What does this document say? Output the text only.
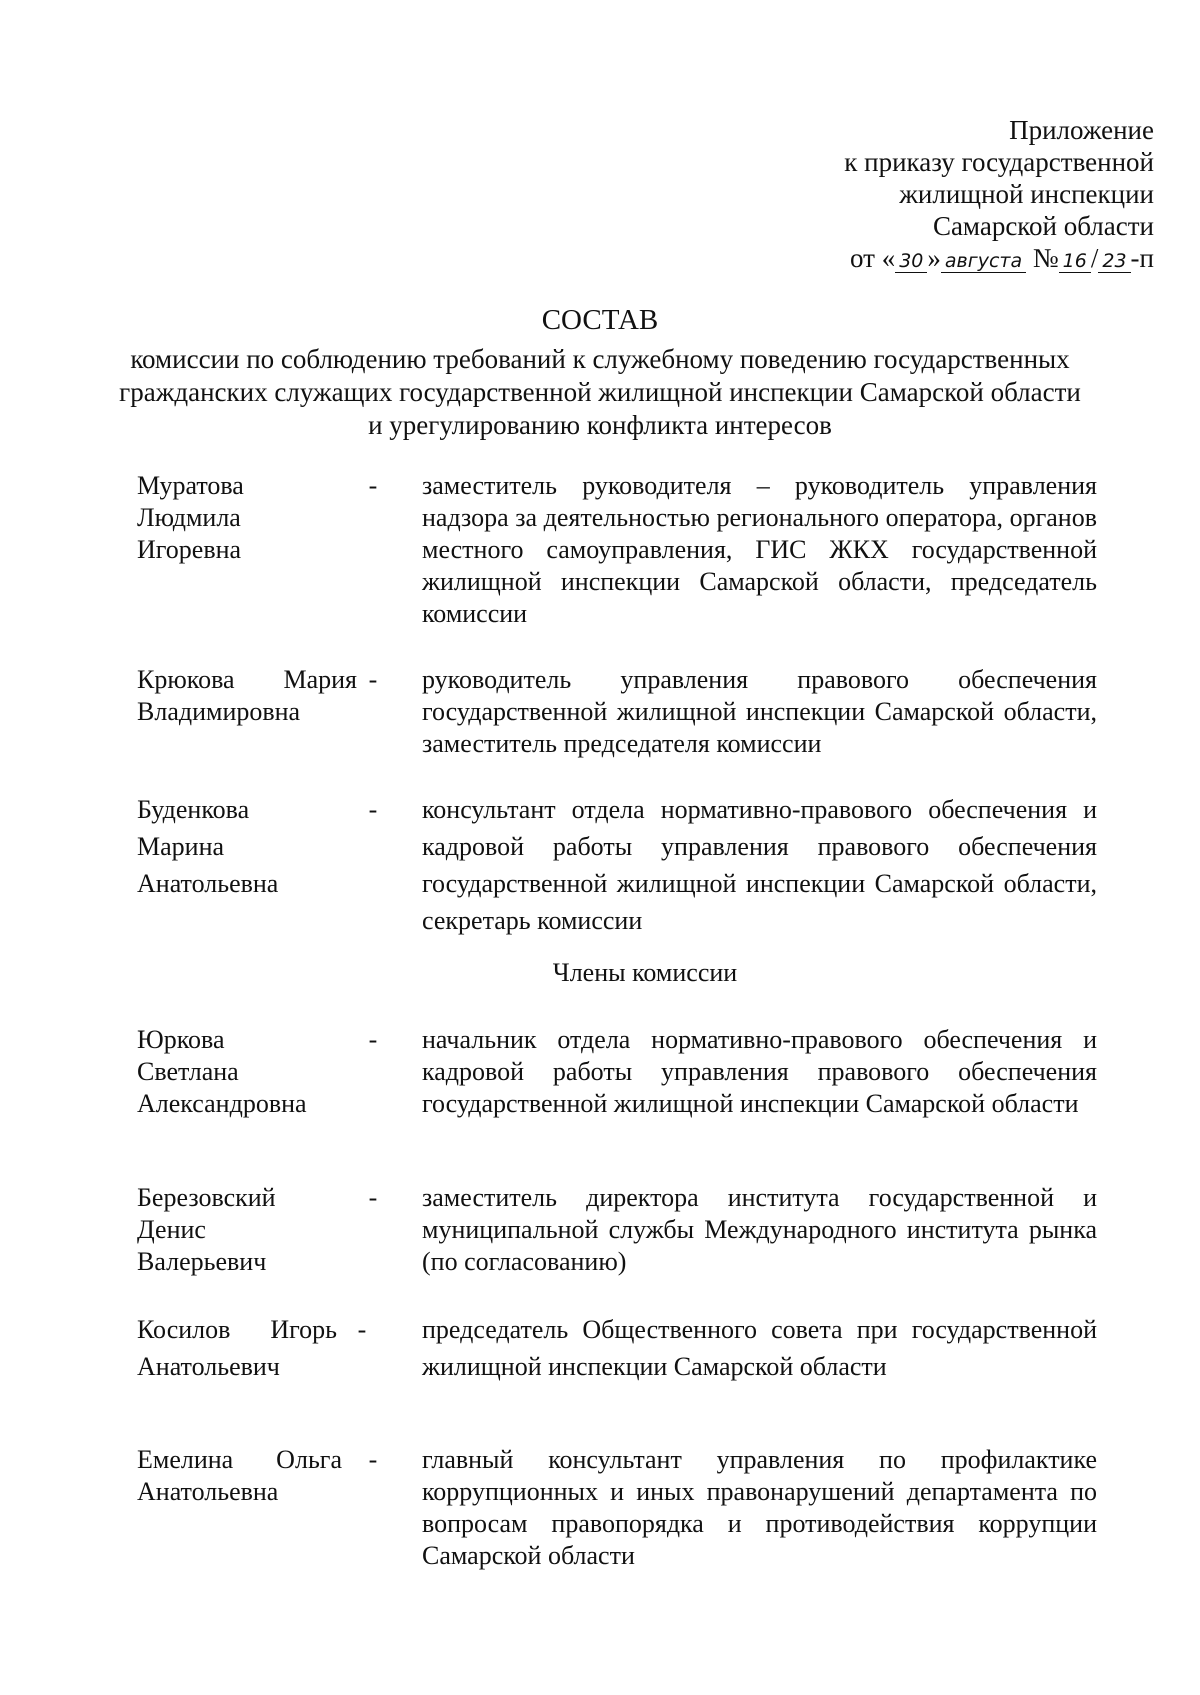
Приложение
к приказу государственной
жилищной инспекции
Самарской области
от « 30 » августа № 16 / 23 -п
СОСТАВ
комиссии по соблюдению требований к служебному поведению государственных
гражданских служащих государственной жилищной инспекции Самарской области
и урегулированию конфликта интересов
Муратова Людмила Игоревна
- заместитель руководителя – руководитель управления надзора за деятельностью регионального оператора, органов местного самоуправления, ГИС ЖКХ государственной жилищной инспекции Самарской области, председатель комиссии
Крюкова Мария Владимировна
- руководитель управления правового обеспечения государственной жилищной инспекции Самарской области, заместитель председателя комиссии
Буденкова Марина Анатольевна
- консультант отдела нормативно-правового обеспечения и кадровой работы управления правового обеспечения государственной жилищной инспекции Самарской области, секретарь комиссии
Члены комиссии
Юркова Светлана Александровна
- начальник отдела нормативно-правового обеспечения и кадровой работы управления правового обеспечения государственной жилищной инспекции Самарской области
Березовский Денис Валерьевич
- заместитель директора института государственной и муниципальной службы Международного института рынка (по согласованию)
Косилов Игорь Анатольевич
- председатель Общественного совета при государственной жилищной инспекции Самарской области
Емелина Ольга Анатольевна
- главный консультант управления по профилактике коррупционных и иных правонарушений департамента по вопросам правопорядка и противодействия коррупции Самарской области
